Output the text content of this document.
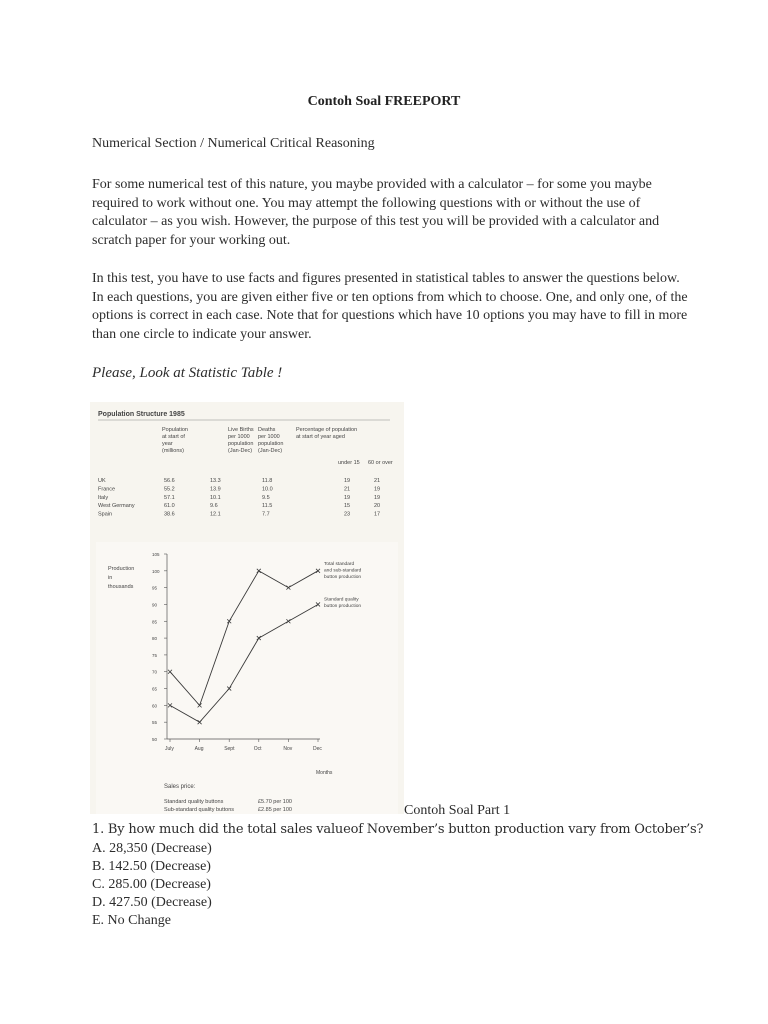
Contoh Soal FREEPORT
Numerical Section / Numerical Critical Reasoning
For some numerical test of this nature, you maybe provided with a calculator – for some you maybe required to work without one. You may attempt the following questions with or without the use of calculator – as you wish. However, the purpose of this test you will be provided with a calculator and scratch paper for your working out.
In this test, you have to use facts and figures presented in statistical tables to answer the questions below. In each questions, you are given either five or ten options from which to choose. One, and only one, of the options is correct in each case. Note that for questions which have 10 options you may have to fill in more than one circle to indicate your answer.
Please, Look at Statistic Table !
Population Structure 1985
Population
at start of
year
(millions)
Live Births
per 1000
population
(Jan-Dec)
Deaths
per 1000
population
(Jan-Dec)
Percentage of population
at start of year aged
under 15 60 or over
UK	56.6	13.3	11.8	19	21
France	55.2	13.9	10.0	21	19
Italy	57.1	10.1	9.5	19	19
West Germany	61.0	9.6	11.5	15	20
Spain	38.6	12.1	7.7	23	17
Production
in
thousands
50
55
60
65
70
75
80
85
90
95
100
105
July	Aug	Sept	Oct	Nov	Dec
Total standard
and sub-standard
button production
Standard quality
button production
Months
Sales price:
Standard quality buttons	£5.70 per 100
Sub-standard quality buttons	£2.85 per 100	Contoh Soal Part 1
1. By how much did the total sales valueof November’s button production vary from October’s?
A. 28,350 (Decrease)
B. 142.50 (Decrease)
C. 285.00 (Decrease)
D. 427.50 (Decrease)
E. No Change
